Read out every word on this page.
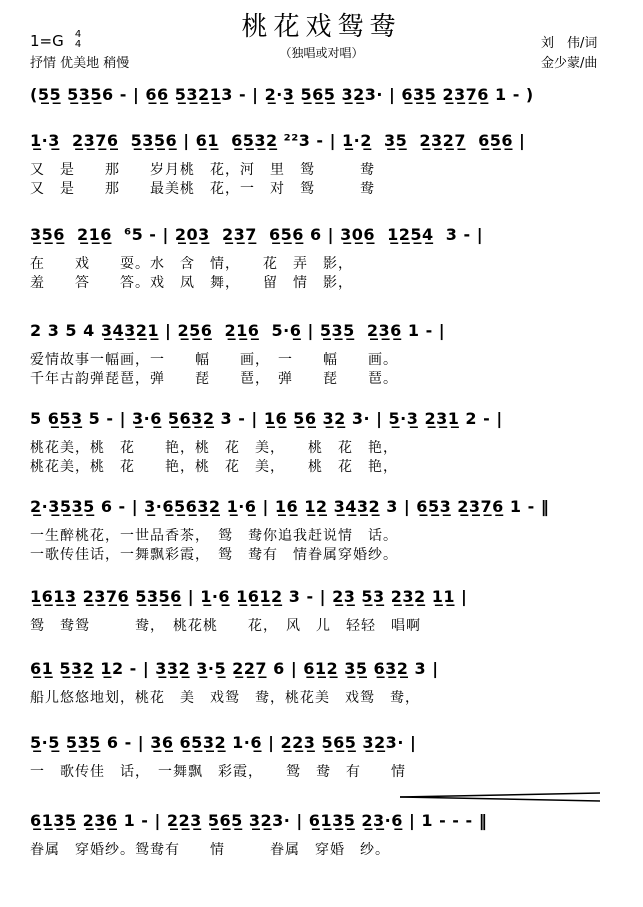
桃花戏鸳鸯
（独唱或对唱）
1=G 4
4
抒情 优美地 稍慢
刘　伟/词
金少蒙/曲
(5̲5̲ 5̲3̲5̲6 - | 6̲6̲ 5̲3̲2̲1̲3 - | 2̲·3̲ 5̲6̲5̲ 3̲2̲3· | 6̲3̲5̲ 2̲3̲7̲6̲ 1 - )
1̲·3̲  2̲3̲7̲6̲  5̲3̲5̲6̲ | 6̲1̲  6̲5̲3̲2̲ ²²3 - | 1̲·2̲  3̲5̲  2̲3̲2̲7̲  6̲5̲6̲ |
又　是　　那　　岁月桃　花，河　里　鸳　　　鸯
又　是　　那　　最美桃　花，一　对　鸳　　　鸯
3̲5̲6̲  2̲1̲6̲  ⁶5 - | 2̲0̲3̲  2̲3̲7̲  6̲5̲6̲ 6 | 3̲0̲6̲  1̲2̲5̲4̲  3 - |
在　　戏　　耍。水　含　情，　　花　弄　影，
羞　　答　　答。戏　凤　舞，　　留　情　影，
2 3 5 4 3̲4̲3̲2̲1̲ | 2̲5̲6̲  2̲1̲6̲  5·6̲ | 5̲3̲5̲  2̲3̲6̲ 1 - |
爱情故事一幅画，一　　幅　　画，　一　　幅　　画。
千年古韵弹琵琶，弹　　琵　　琶，　弹　　琵　　琶。
5 6̲5̲3̲ 5 - | 3̲·6̲ 5̲6̲3̲2̲ 3 - | 1̲6̲ 5̲6̲ 3̲2̲ 3· | 5̲·3̲ 2̲3̲1̲ 2 - |
桃花美，桃　花　　艳，桃　花　美，　　桃　花　艳，
桃花美，桃　花　　艳，桃　花　美，　　桃　花　艳，
2̲·3̲5̲3̲5̲ 6 - | 3̲·6̲5̲6̲3̲2̲ 1̲·6̲ | 1̲6̲ 1̲2̲ 3̲4̲3̲2̲ 3 | 6̲5̲3̲ 2̲3̲7̲6̲ 1 - ‖
一生醉桃花，一世品香茶，　鸳　鸯你追我赶说情　话。
一歌传佳话，一舞飘彩霞，　鸳　鸯有　情眷属穿婚纱。
1̲6̲1̲3̲ 2̲3̲7̲6̲ 5̲3̲5̲6̲ | 1̲·6̲ 1̲6̲1̲2̲ 3 - | 2̲3̲ 5̲3̲ 2̲3̲2̲ 1̲1̲ |
鸳　鸯鸳　　　鸯，　桃花桃　　花，　风　儿　轻轻　唱啊
6̲1̲ 5̲3̲2̲ 1̲2 - | 3̲3̲2̲ 3̲·5̲ 2̲2̲7̲ 6 | 6̲1̲2̲ 3̲5̲ 6̲3̲2̲ 3 |
船儿悠悠地划，桃花　美　戏鸳　鸯，桃花美　戏鸳　鸯，
5̲·5̲ 5̲3̲5̲ 6 - | 3̲6̲ 6̲5̲3̲2̲ 1·6̲ | 2̲2̲3̲ 5̲6̲5̲ 3̲2̲3· |
一　歌传佳　话，　一舞飘　彩霞，　　鸳　鸯　有　　情
6̲1̲3̲5̲ 2̲3̲6̲ 1 - | 2̲2̲3̲ 5̲6̲5̲ 3̲2̲3· | 6̲1̲3̲5̲ 2̲3̲·6̲ | 1 - - - ‖
眷属　穿婚纱。鸳鸯有　　情　　　眷属　穿婚　纱。
